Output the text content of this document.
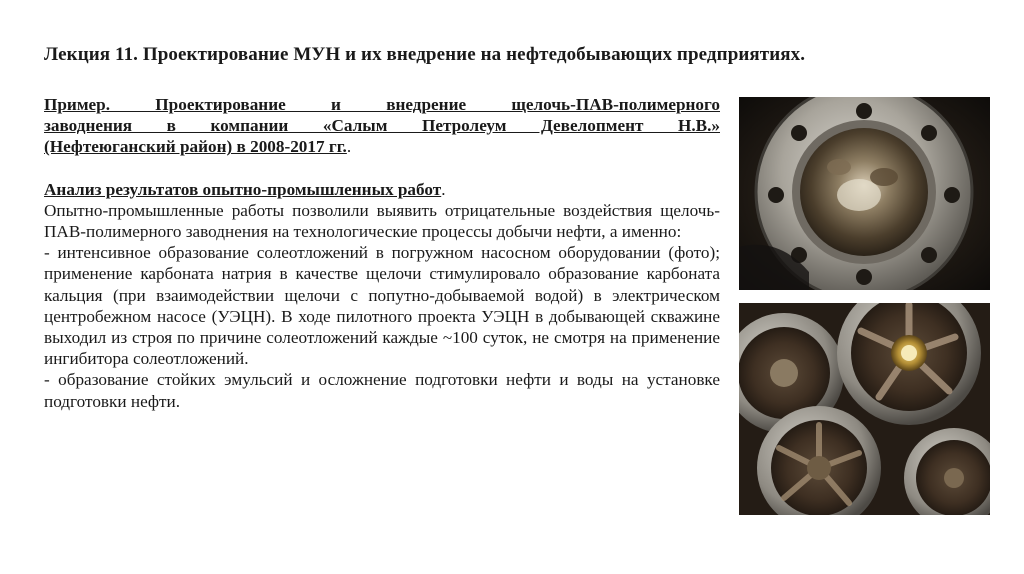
Лекция 11. Проектирование МУН и их внедрение на нефтедобывающих предприятиях.
Пример. Проектирование и внедрение щелочь-ПАВ-полимерного
заводнения в компании «Салым Петролеум Девелопмент Н.В.»
(Нефтеюганский район) в 2008-2017 гг..
Анализ результатов опытно-промышленных работ.

Опытно-промышленные работы позволили выявить отрицательные воздействия щелочь-ПАВ-полимерного заводнения на технологические процессы добычи нефти, а именно:

- интенсивное образование солеотложений в погружном насосном оборудовании (фото); применение карбоната натрия в качестве щелочи стимулировало образование карбоната кальция (при взаимодействии щелочи с попутно-добываемой водой) в электрическом центробежном насосе (УЭЦН). В ходе пилотного проекта УЭЦН в добывающей скважине выходил из строя по причине солеотложений каждые ~100 суток, не смотря на применение ингибитора солеотложений.

- образование стойких эмульсий и осложнение подготовки нефти и воды на установке подготовки нефти.
